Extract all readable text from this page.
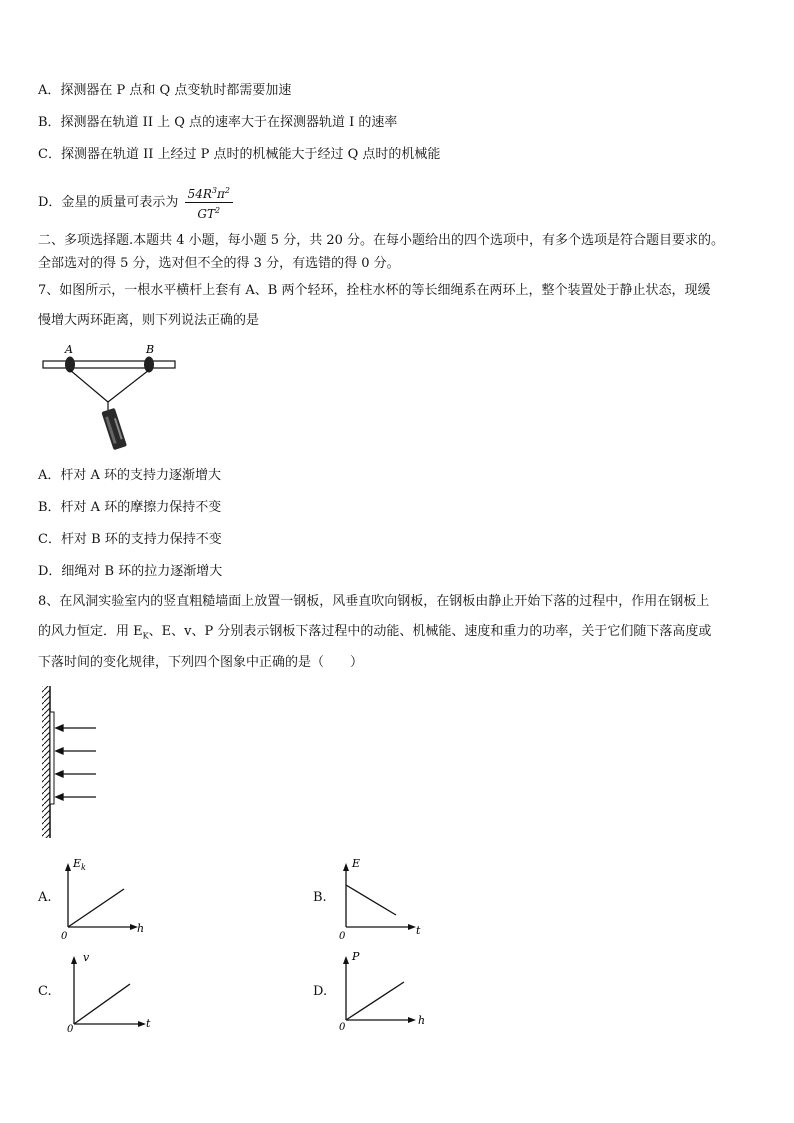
A．探测器在 P 点和 Q 点变轨时都需要加速
B．探测器在轨道 II 上 Q 点的速率大于在探测器轨道 I 的速率
C．探测器在轨道 II 上经过 P 点时的机械能大于经过 Q 点时的机械能
D．金星的质量可表示为 $\frac{54R^3\pi^2}{GT^2}$
二、多项选择题.本题共 4 小题，每小题 5 分，共 20 分。在每小题给出的四个选项中，有多个选项是符合题目要求的。
全部选对的得 5 分，选对但不全的得 3 分，有选错的得 0 分。
7、如图所示，一根水平横杆上套有 A、B 两个轻环，拴柱水杯的等长细绳系在两环上，整个装置处于静止状态，现缓
慢增大两环距离，则下列说法正确的是
A	B
A．杆对 A 环的支持力逐渐增大
B．杆对 A 环的摩擦力保持不变
C．杆对 B 环的支持力保持不变
D．细绳对 B 环的拉力逐渐增大
8、在风洞实验室内的竖直粗糙墙面上放置一钢板，风垂直吹向钢板，在钢板由静止开始下落的过程中，作用在钢板上
的风力恒定．用 $E_K$、E、v、P 分别表示钢板下落过程中的动能、机械能、速度和重力的功率，关于它们随下落高度或
下落时间的变化规律，下列四个图象中正确的是（　　）
A.
$E_k$
h
0
B.
E
t
0
C.
v
t
0
D.
P
h
0
